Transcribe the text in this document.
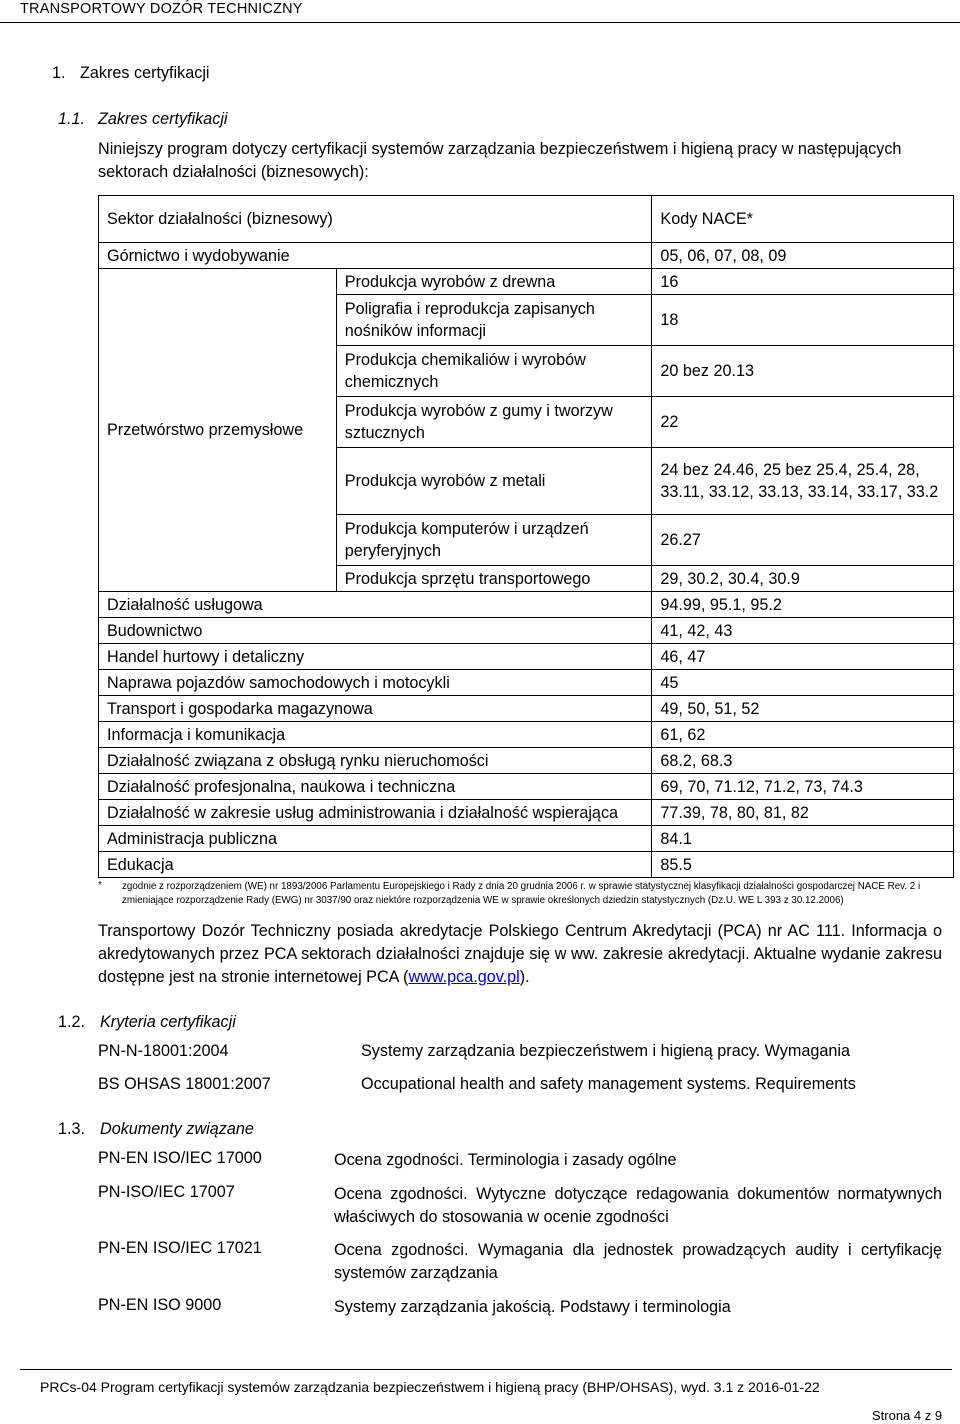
TRANSPORTOWY DOZÓR TECHNICZNY
1. Zakres certyfikacji
1.1. Zakres certyfikacji
Niniejszy program dotyczy certyfikacji systemów zarządzania bezpieczeństwem i higieną pracy w następujących sektorach działalności (biznesowych):
Sektor działalności (biznesowy)		Kody NACE*
Górnictwo i wydobywanie		05, 06, 07, 08, 09
Przetwórstwo przemysłowe	Produkcja wyrobów z drewna	16
	Poligrafia i reprodukcja zapisanych nośników informacji	18
	Produkcja chemikaliów i wyrobów chemicznych	20 bez 20.13
	Produkcja wyrobów z gumy i tworzyw sztucznych	22
	Produkcja wyrobów z metali	24 bez 24.46, 25 bez 25.4, 25.4, 28, 33.11, 33.12, 33.13, 33.14, 33.17, 33.2
	Produkcja komputerów i urządzeń peryferyjnych	26.27
	Produkcja sprzętu transportowego	29, 30.2, 30.4, 30.9
Działalność usługowa		94.99, 95.1, 95.2
Budownictwo		41, 42, 43
Handel hurtowy i detaliczny		46, 47
Naprawa pojazdów samochodowych i motocykli		45
Transport i gospodarka magazynowa		49, 50, 51, 52
Informacja i komunikacja		61, 62
Działalność związana z obsługą rynku nieruchomości		68.2, 68.3
Działalność profesjonalna, naukowa i techniczna		69, 70, 71.12, 71.2, 73, 74.3
Działalność w zakresie usług administrowania i działalność wspierająca		77.39, 78, 80, 81, 82
Administracja publiczna		84.1
Edukacja		85.5
* zgodnie z rozporządzeniem (WE) nr 1893/2006 Parlamentu Europejskiego i Rady z dnia 20 grudnia 2006 r. w sprawie statystycznej klasyfikacji działalności gospodarczej NACE Rev. 2 i zmieniające rozporządzenie Rady (EWG) nr 3037/90 oraz niektóre rozporządzenia WE w sprawie określonych dziedzin statystycznych (Dz.U. WE L 393 z 30.12.2006)
Transportowy Dozór Techniczny posiada akredytacje Polskiego Centrum Akredytacji (PCA) nr AC 111. Informacja o akredytowanych przez PCA sektorach działalności znajduje się w ww. zakresie akredytacji. Aktualne wydanie zakresu dostępne jest na stronie internetowej PCA (www.pca.gov.pl).
1.2. Kryteria certyfikacji
PN-N-18001:2004	Systemy zarządzania bezpieczeństwem i higieną pracy. Wymagania
BS OHSAS 18001:2007	Occupational health and safety management systems. Requirements
1.3. Dokumenty związane
PN-EN ISO/IEC 17000	Ocena zgodności. Terminologia i zasady ogólne
PN-ISO/IEC 17007	Ocena zgodności. Wytyczne dotyczące redagowania dokumentów normatywnych właściwych do stosowania w ocenie zgodności
PN-EN ISO/IEC 17021	Ocena zgodności. Wymagania dla jednostek prowadzących audity i certyfikację systemów zarządzania
PN-EN ISO 9000	Systemy zarządzania jakością. Podstawy i terminologia
PRCs-04 Program certyfikacji systemów zarządzania bezpieczeństwem i higieną pracy (BHP/OHSAS), wyd. 3.1 z 2016-01-22
Strona 4 z 9
